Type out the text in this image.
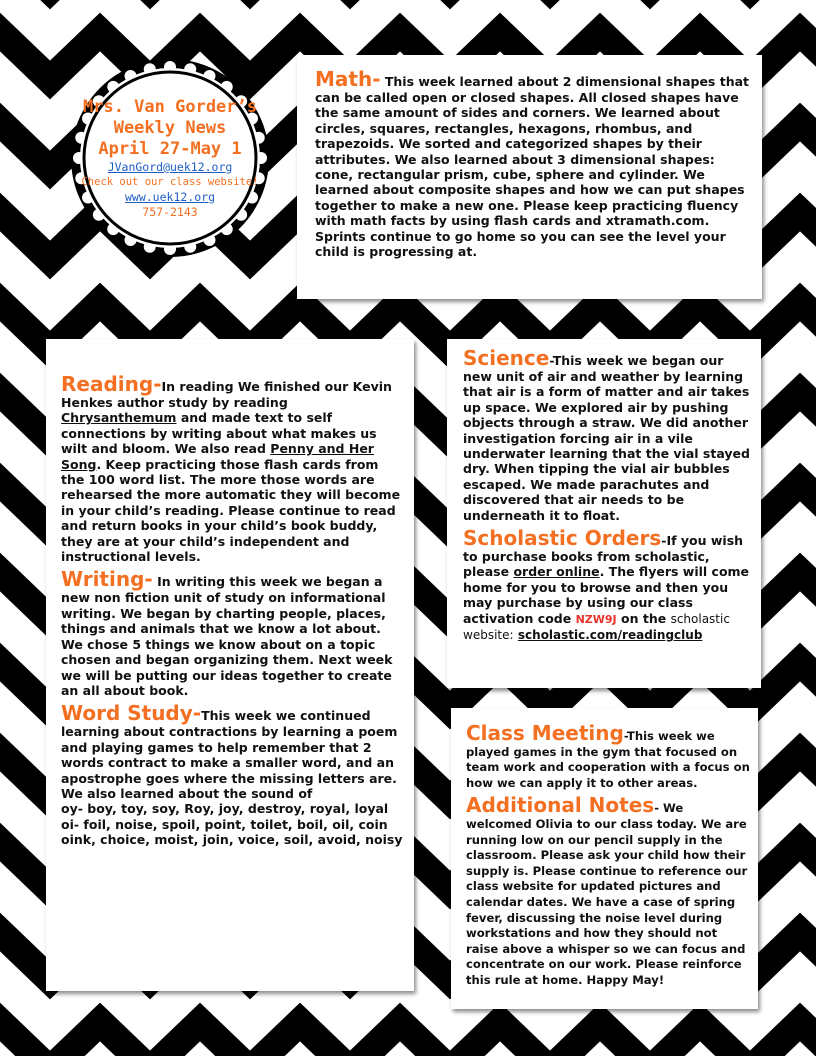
Mrs. Van Gorder’s
Weekly News
April 27-May 1
JVanGord@uek12.org
Check out our class website!
www.uek12.org
757-2143

Math- This week learned about 2 dimensional shapes that can be called open or closed shapes. All closed shapes have the same amount of sides and corners. We learned about circles, squares, rectangles, hexagons, rhombus, and trapezoids. We sorted and categorized shapes by their attributes. We also learned about 3 dimensional shapes: cone, rectangular prism, cube, sphere and cylinder. We learned about composite shapes and how we can put shapes together to make a new one. Please keep practicing fluency with math facts by using flash cards and xtramath.com. Sprints continue to go home so you can see the level your child is progressing at.

Reading-In reading We finished our Kevin Henkes author study by reading Chrysanthemum and made text to self connections by writing about what makes us wilt and bloom. We also read Penny and Her Song. Keep practicing those flash cards from the 100 word list. The more those words are rehearsed the more automatic they will become in your child’s reading. Please continue to read and return books in your child’s book buddy, they are at your child’s independent and instructional levels.

Writing- In writing this week we began a new non fiction unit of study on informational writing. We began by charting people, places, things and animals that we know a lot about. We chose 5 things we know about on a topic chosen and began organizing them. Next week we will be putting our ideas together to create an all about book.

Word Study-This week we continued learning about contractions by learning a poem and playing games to help remember that 2 words contract to make a smaller word, and an apostrophe goes where the missing letters are. We also learned about the sound of

oy- boy, toy, soy, Roy, joy, destroy, royal, loyal

oi- foil, noise, spoil, point, toilet, boil, oil, coin oink, choice, moist, join, voice, soil, avoid, noisy

Science-This week we began our new unit of air and weather by learning that air is a form of matter and air takes up space. We explored air by pushing objects through a straw. We did another investigation forcing air in a vile underwater learning that the vial stayed dry. When tipping the vial air bubbles escaped. We made parachutes and discovered that air needs to be underneath it to float.

Scholastic Orders-If you wish to purchase books from scholastic, please order online. The flyers will come home for you to browse and then you may purchase by using our class activation code NZW9J on the scholastic website: scholastic.com/readingclub

Class Meeting-This week we played games in the gym that focused on team work and cooperation with a focus on how we can apply it to other areas.

Additional Notes- We welcomed Olivia to our class today. We are running low on our pencil supply in the classroom. Please ask your child how their supply is. Please continue to reference our class website for updated pictures and calendar dates. We have a case of spring fever, discussing the noise level during workstations and how they should not raise above a whisper so we can focus and concentrate on our work. Please reinforce this rule at home. Happy May!
